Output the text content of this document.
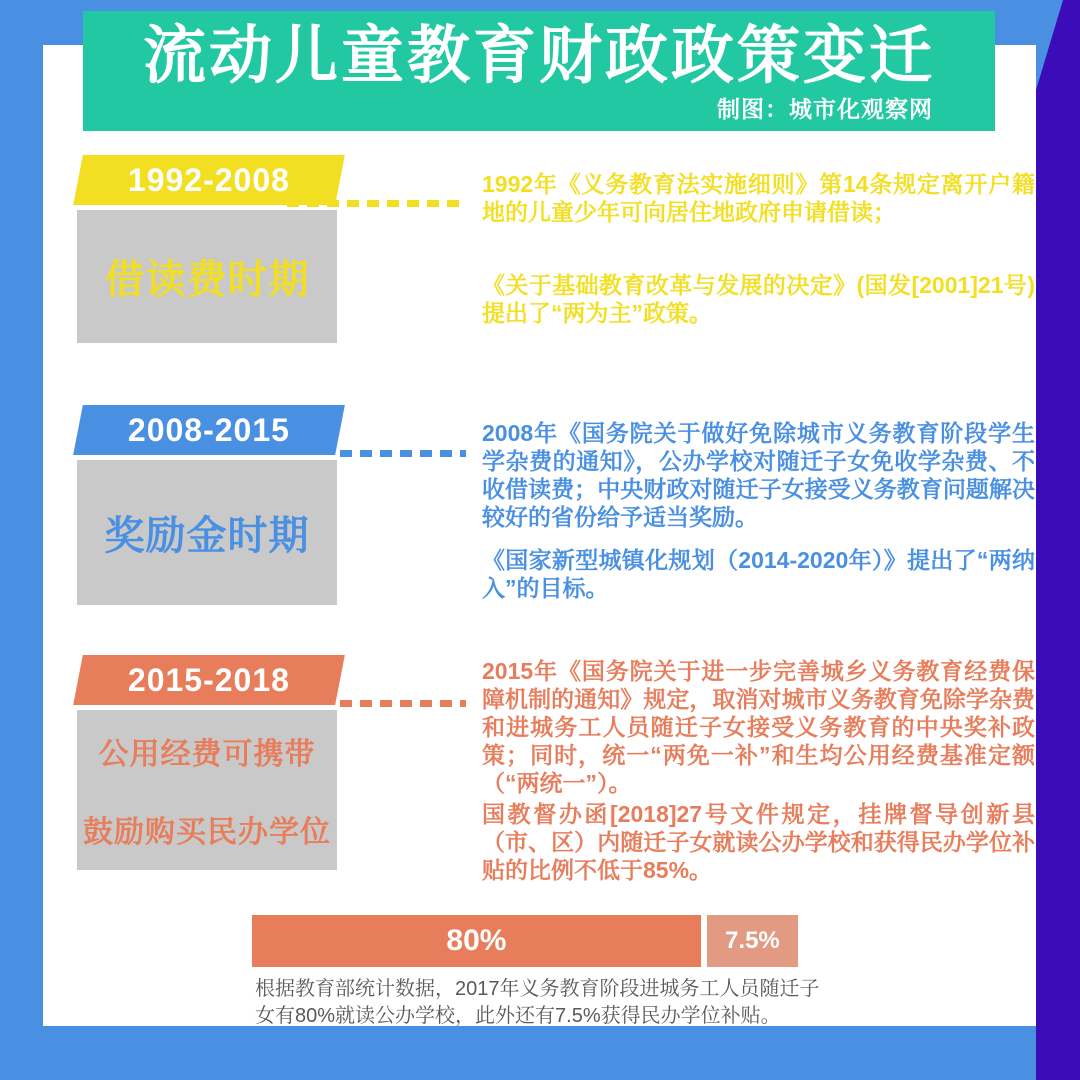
流动儿童教育财政政策变迁
制图：城市化观察网
1992-2008
借读费时期

1992年《义务教育法实施细则》第14条规定离开户籍地的儿童少年可向居住地政府申请借读；

《关于基础教育改革与发展的决定》(国发[2001]21号)提出了“两为主”政策。

2008-2015
奖励金时期

2008年《国务院关于做好免除城市义务教育阶段学生学杂费的通知》，公办学校对随迁子女免收学杂费、不收借读费；中央财政对随迁子女接受义务教育问题解决较好的省份给予适当奖励。

《国家新型城镇化规划（2014-2020年）》提出了“两纳入”的目标。

2015-2018
公用经费可携带
鼓励购买民办学位

2015年《国务院关于进一步完善城乡义务教育经费保障机制的通知》规定，取消对城市义务教育免除学杂费和进城务工人员随迁子女接受义务教育的中央奖补政策；同时，统一“两免一补”和生均公用经费基准定额（“两统一”）。

国教督办函[2018]27号文件规定，挂牌督导创新县（市、区）内随迁子女就读公办学校和获得民办学位补贴的比例不低于85%。

80%	7.5%

根据教育部统计数据，2017年义务教育阶段进城务工人员随迁子女有80%就读公办学校，此外还有7.5%获得民办学位补贴。
